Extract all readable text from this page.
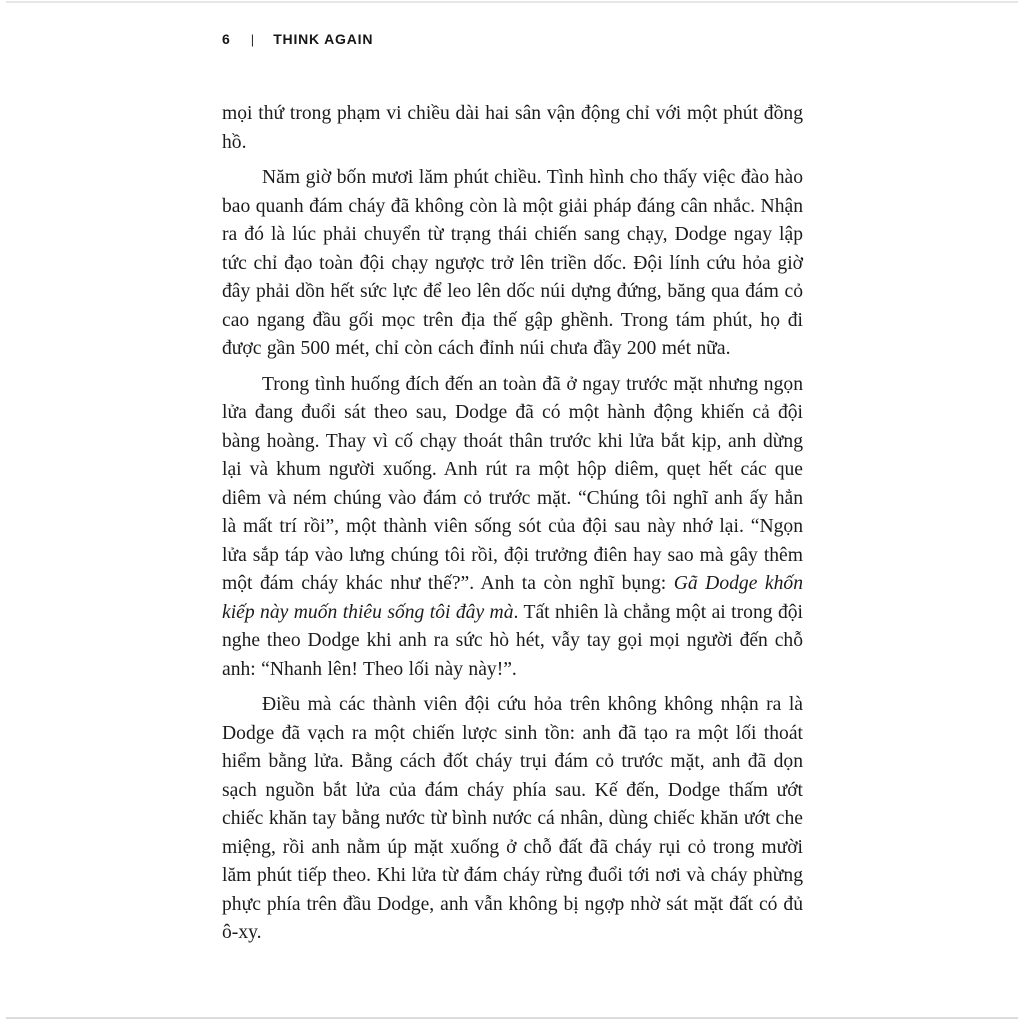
6 | THINK AGAIN

mọi thứ trong phạm vi chiều dài hai sân vận động chỉ với một phút đồng hồ.

Năm giờ bốn mươi lăm phút chiều. Tình hình cho thấy việc đào hào bao quanh đám cháy đã không còn là một giải pháp đáng cân nhắc. Nhận ra đó là lúc phải chuyển từ trạng thái chiến sang chạy, Dodge ngay lập tức chỉ đạo toàn đội chạy ngược trở lên triền dốc. Đội lính cứu hỏa giờ đây phải dồn hết sức lực để leo lên dốc núi dựng đứng, băng qua đám cỏ cao ngang đầu gối mọc trên địa thế gập ghềnh. Trong tám phút, họ đi được gần 500 mét, chỉ còn cách đỉnh núi chưa đầy 200 mét nữa.

Trong tình huống đích đến an toàn đã ở ngay trước mặt nhưng ngọn lửa đang đuổi sát theo sau, Dodge đã có một hành động khiến cả đội bàng hoàng. Thay vì cố chạy thoát thân trước khi lửa bắt kịp, anh dừng lại và khum người xuống. Anh rút ra một hộp diêm, quẹt hết các que diêm và ném chúng vào đám cỏ trước mặt. “Chúng tôi nghĩ anh ấy hẳn là mất trí rồi”, một thành viên sống sót của đội sau này nhớ lại. “Ngọn lửa sắp táp vào lưng chúng tôi rồi, đội trưởng điên hay sao mà gây thêm một đám cháy khác như thế?”. Anh ta còn nghĩ bụng: Gã Dodge khốn kiếp này muốn thiêu sống tôi đây mà. Tất nhiên là chẳng một ai trong đội nghe theo Dodge khi anh ra sức hò hét, vẫy tay gọi mọi người đến chỗ anh: “Nhanh lên! Theo lối này này!”.

Điều mà các thành viên đội cứu hỏa trên không không nhận ra là Dodge đã vạch ra một chiến lược sinh tồn: anh đã tạo ra một lối thoát hiểm bằng lửa. Bằng cách đốt cháy trụi đám cỏ trước mặt, anh đã dọn sạch nguồn bắt lửa của đám cháy phía sau. Kế đến, Dodge thấm ướt chiếc khăn tay bằng nước từ bình nước cá nhân, dùng chiếc khăn ướt che miệng, rồi anh nằm úp mặt xuống ở chỗ đất đã cháy rụi cỏ trong mười lăm phút tiếp theo. Khi lửa từ đám cháy rừng đuổi tới nơi và cháy phừng phực phía trên đầu Dodge, anh vẫn không bị ngợp nhờ sát mặt đất có đủ ô-xy.
